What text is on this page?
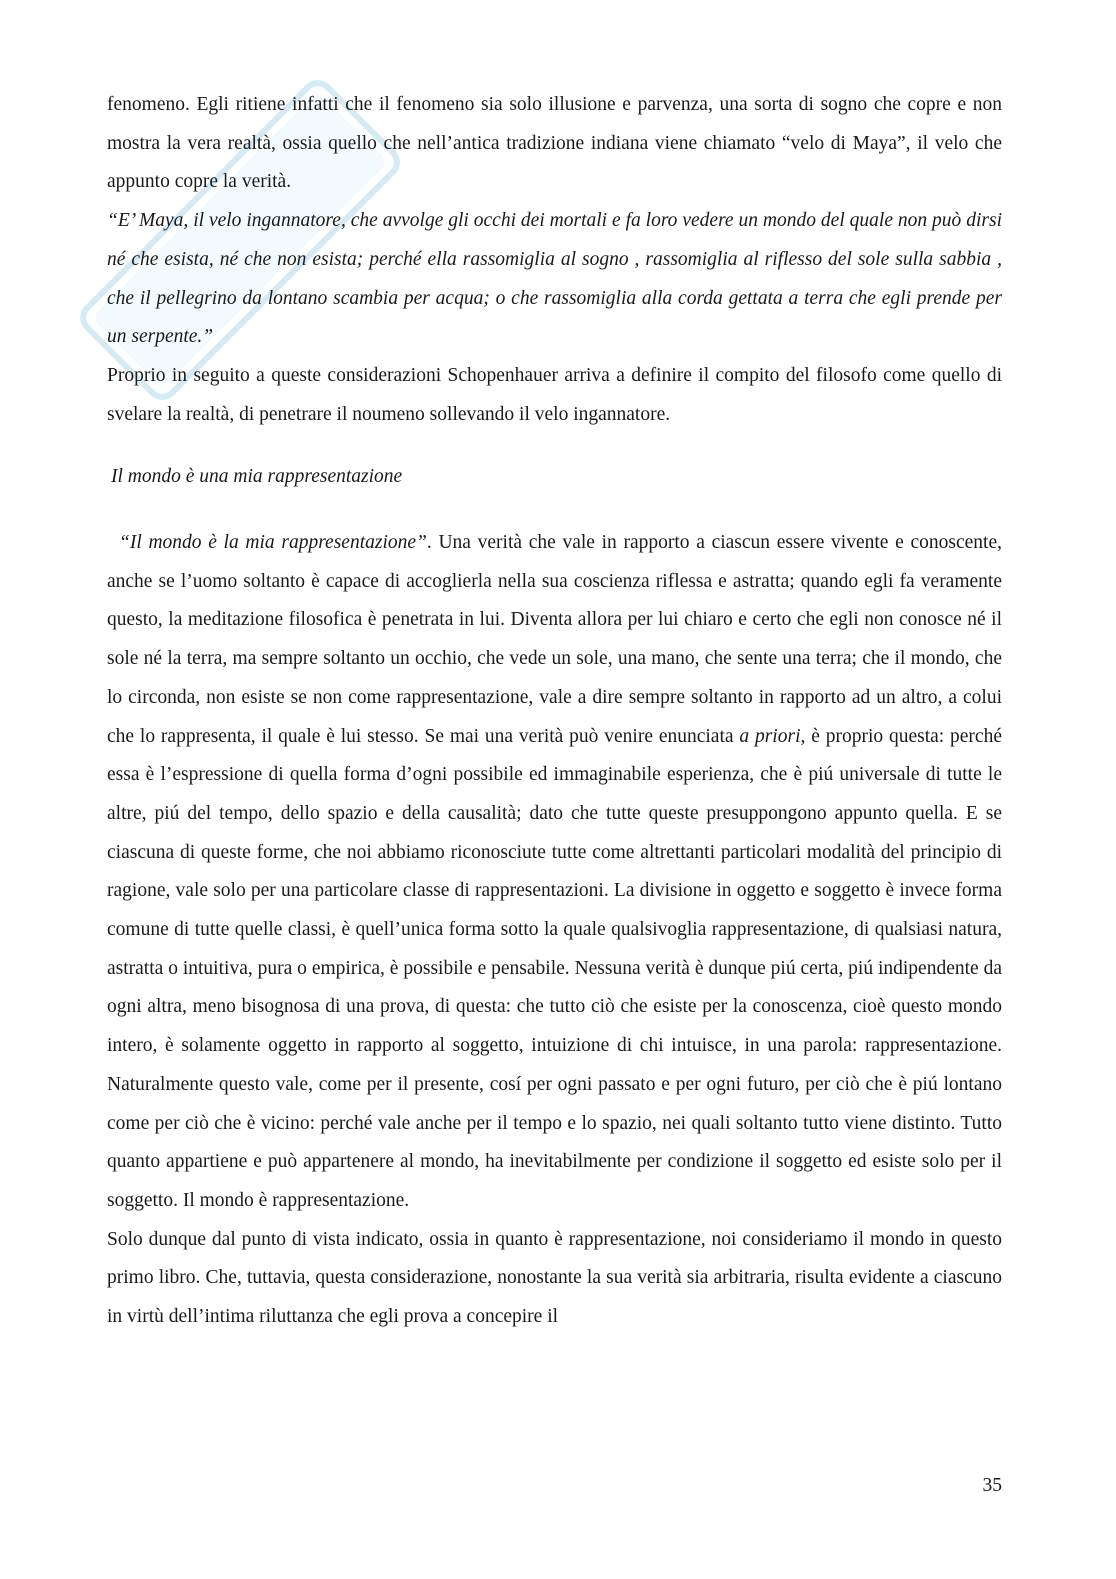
fenomeno. Egli ritiene infatti che il fenomeno sia solo illusione e parvenza, una sorta di sogno che copre e non mostra la vera realtà, ossia quello che nell’antica tradizione indiana viene chiamato “velo di Maya”, il velo che appunto copre la verità.

“E’ Maya, il velo ingannatore, che avvolge gli occhi dei mortali e fa loro vedere un mondo del quale non può dirsi né che esista, né che non esista; perché ella rassomiglia al sogno , rassomiglia al riflesso del sole sulla sabbia , che il pellegrino da lontano scambia per acqua; o che rassomiglia alla corda gettata a terra che egli prende per un serpente.”

Proprio in seguito a queste considerazioni Schopenhauer arriva a definire il compito del filosofo come quello di svelare la realtà, di penetrare il noumeno sollevando il velo ingannatore.

Il mondo è una mia rappresentazione

“Il mondo è la mia rappresentazione”. Una verità che vale in rapporto a ciascun essere vivente e conoscente, anche se l’uomo soltanto è capace di accoglierla nella sua coscienza riflessa e astratta; quando egli fa veramente questo, la meditazione filosofica è penetrata in lui. Diventa allora per lui chiaro e certo che egli non conosce né il sole né la terra, ma sempre soltanto un occhio, che vede un sole, una mano, che sente una terra; che il mondo, che lo circonda, non esiste se non come rappresentazione, vale a dire sempre soltanto in rapporto ad un altro, a colui che lo rappresenta, il quale è lui stesso. Se mai una verità può venire enunciata a priori, è proprio questa: perché essa è l’espressione di quella forma d’ogni possibile ed immaginabile esperienza, che è piú universale di tutte le altre, piú del tempo, dello spazio e della causalità; dato che tutte queste presuppongono appunto quella. E se ciascuna di queste forme, che noi abbiamo riconosciute tutte come altrettanti particolari modalità del principio di ragione, vale solo per una particolare classe di rappresentazioni. La divisione in oggetto e soggetto è invece forma comune di tutte quelle classi, è quell’unica forma sotto la quale qualsivoglia rappresentazione, di qualsiasi natura, astratta o intuitiva, pura o empirica, è possibile e pensabile. Nessuna verità è dunque piú certa, piú indipendente da ogni altra, meno bisognosa di una prova, di questa: che tutto ciò che esiste per la conoscenza, cioè questo mondo intero, è solamente oggetto in rapporto al soggetto, intuizione di chi intuisce, in una parola: rappresentazione. Naturalmente questo vale, come per il presente, cosí per ogni passato e per ogni futuro, per ciò che è piú lontano come per ciò che è vicino: perché vale anche per il tempo e lo spazio, nei quali soltanto tutto viene distinto. Tutto quanto appartiene e può appartenere al mondo, ha inevitabilmente per condizione il soggetto ed esiste solo per il soggetto. Il mondo è rappresentazione.

Solo dunque dal punto di vista indicato, ossia in quanto è rappresentazione, noi consideriamo il mondo in questo primo libro. Che, tuttavia, questa considerazione, nonostante la sua verità sia arbitraria, risulta evidente a ciascuno in virtù dell’intima riluttanza che egli prova a concepire il

35
